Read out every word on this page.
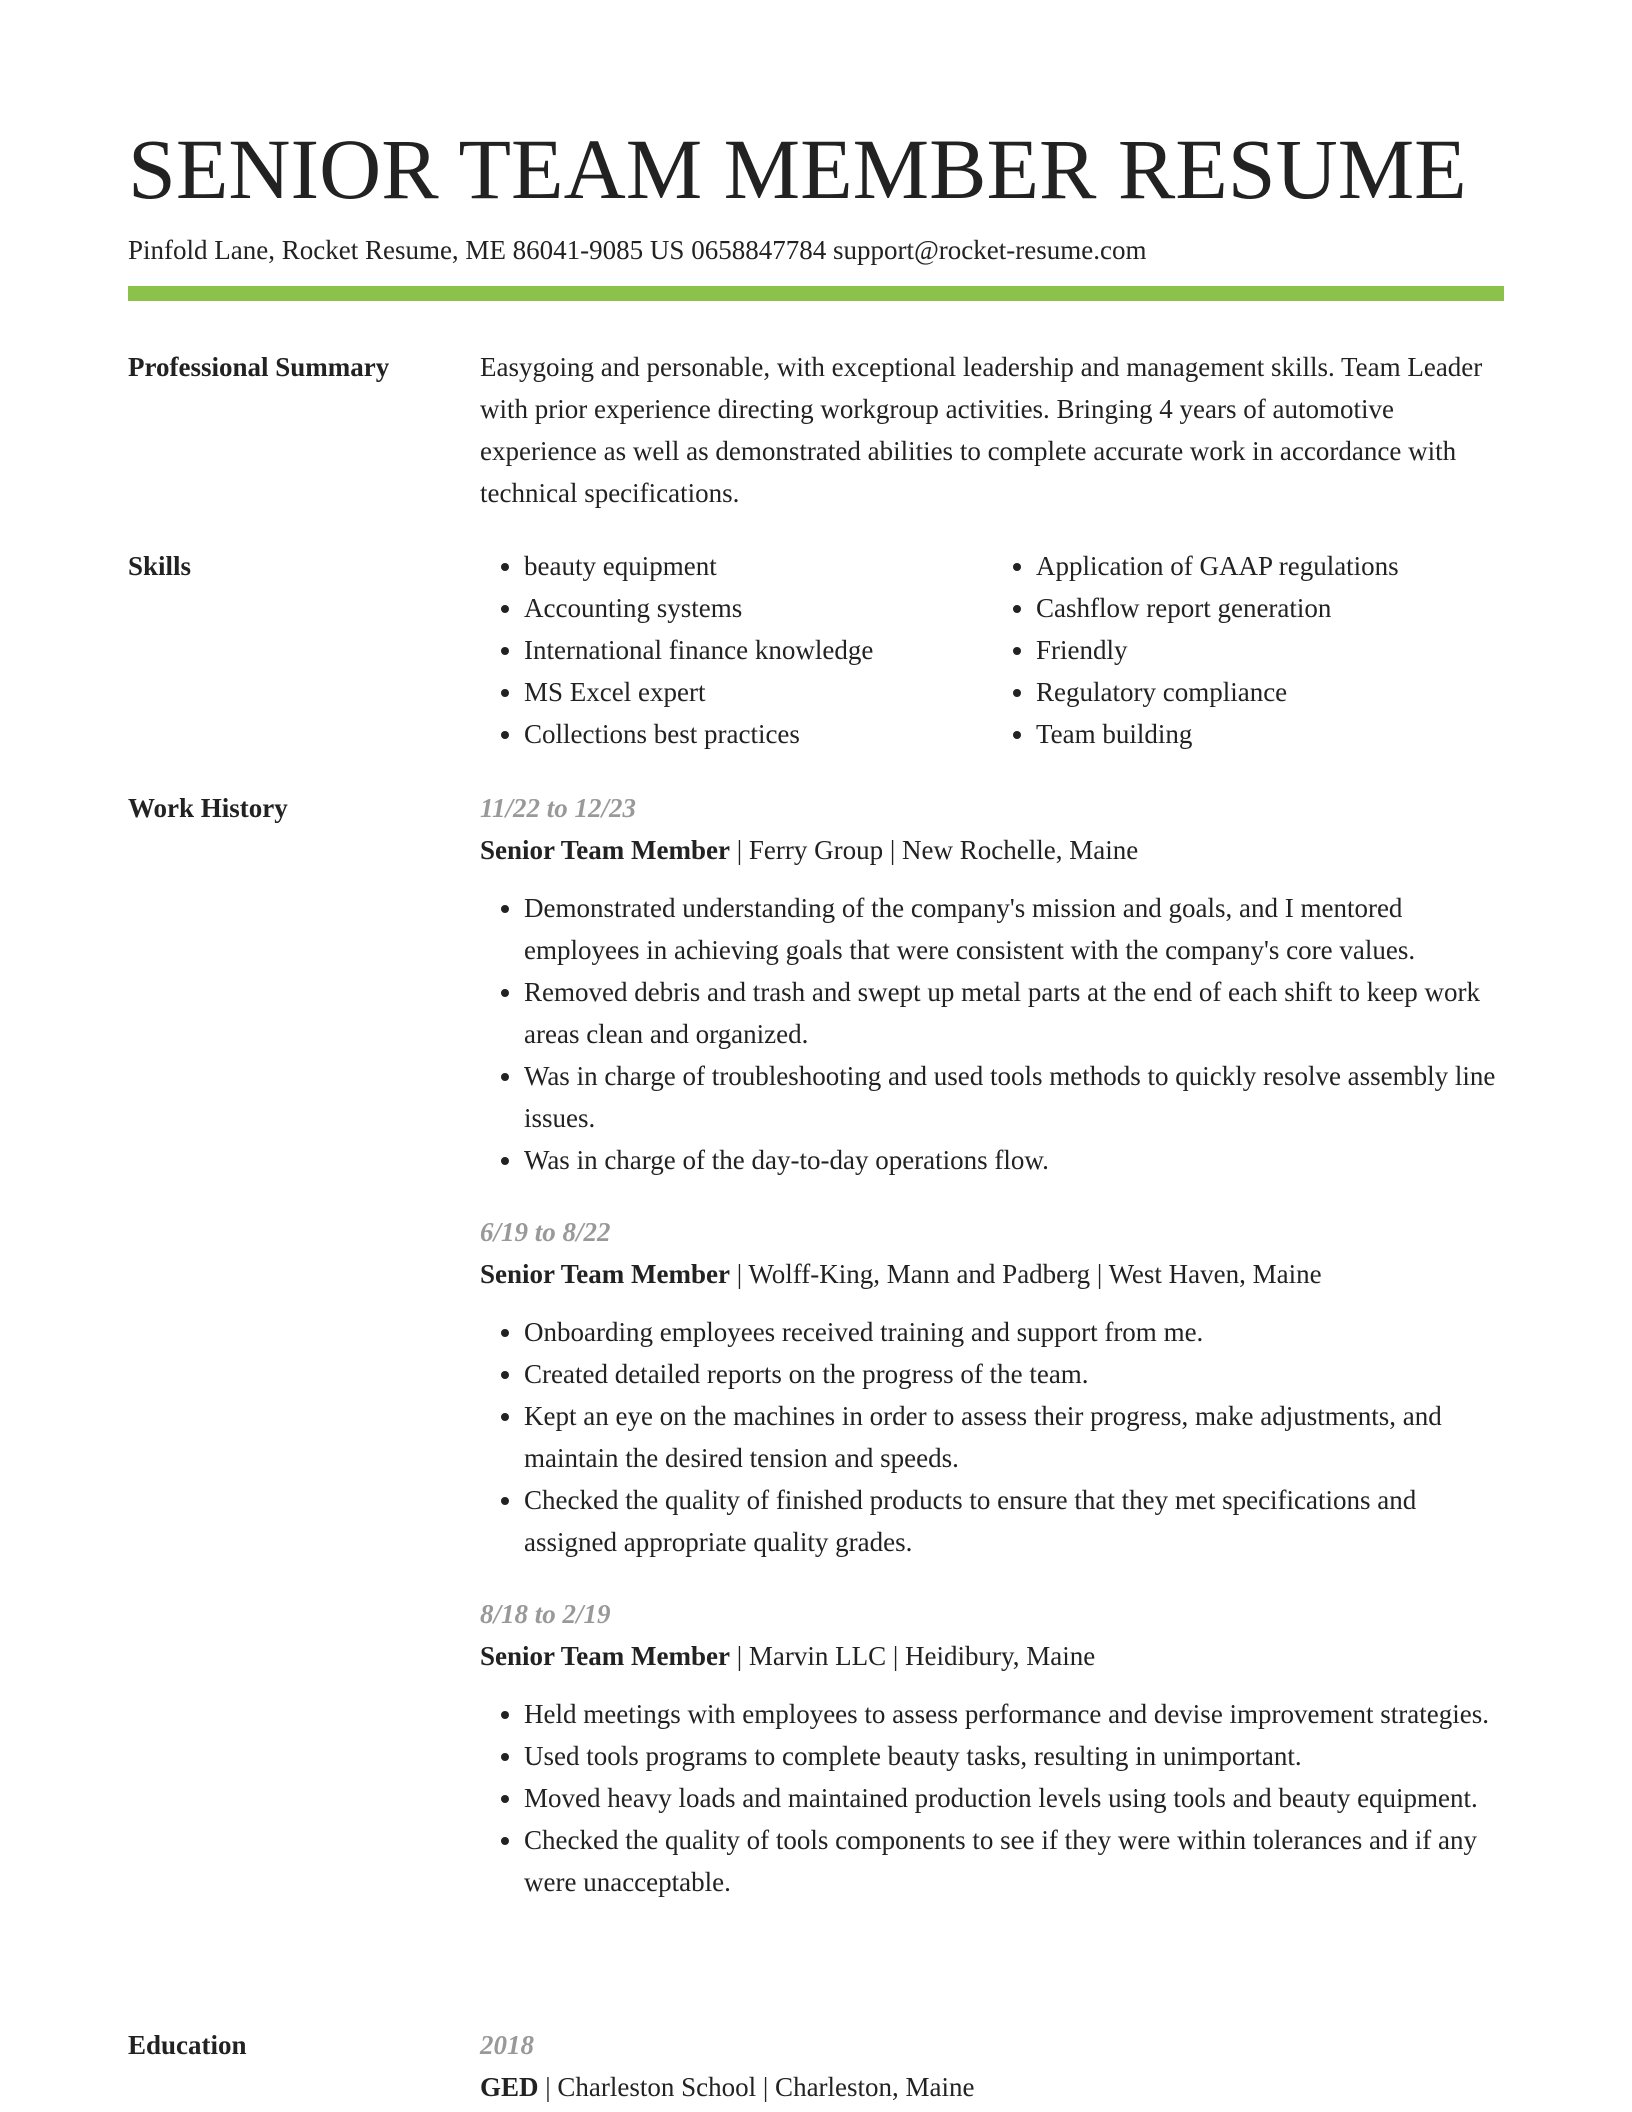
SENIOR TEAM MEMBER RESUME
Pinfold Lane, Rocket Resume, ME 86041-9085 US 0658847784 support@rocket-resume.com
Professional Summary	Easygoing and personable, with exceptional leadership and management skills. Team Leader with prior experience directing workgroup activities. Bringing 4 years of automotive experience as well as demonstrated abilities to complete accurate work in accordance with technical specifications.

Skills
•	beauty equipment
• Accounting systems
• International finance knowledge
• MS Excel expert
• Collections best practices
• Application of GAAP regulations
• Cashflow report generation
• Friendly
• Regulatory compliance
• Team building
Work History	11/22 to 12/23
Senior Team Member | Ferry Group | New Rochelle, Maine
• Demonstrated understanding of the company's mission and goals, and I mentored employees in achieving goals that were consistent with the company's core values.
• Removed debris and trash and swept up metal parts at the end of each shift to keep work areas clean and organized.
• Was in charge of troubleshooting and used tools methods to quickly resolve assembly line issues.
• Was in charge of the day-to-day operations flow.
6/19 to 8/22
Senior Team Member | Wolff-King, Mann and Padberg | West Haven, Maine
• Onboarding employees received training and support from me.
• Created detailed reports on the progress of the team.
• Kept an eye on the machines in order to assess their progress, make adjustments, and maintain the desired tension and speeds.
• Checked the quality of finished products to ensure that they met specifications and assigned appropriate quality grades.
8/18 to 2/19
Senior Team Member | Marvin LLC | Heidibury, Maine
• Held meetings with employees to assess performance and devise improvement strategies.
• Used tools programs to complete beauty tasks, resulting in unimportant.
• Moved heavy loads and maintained production levels using tools and beauty equipment.
• Checked the quality of tools components to see if they were within tolerances and if any were unacceptable.
Education	2018
GED | Charleston School | Charleston, Maine
